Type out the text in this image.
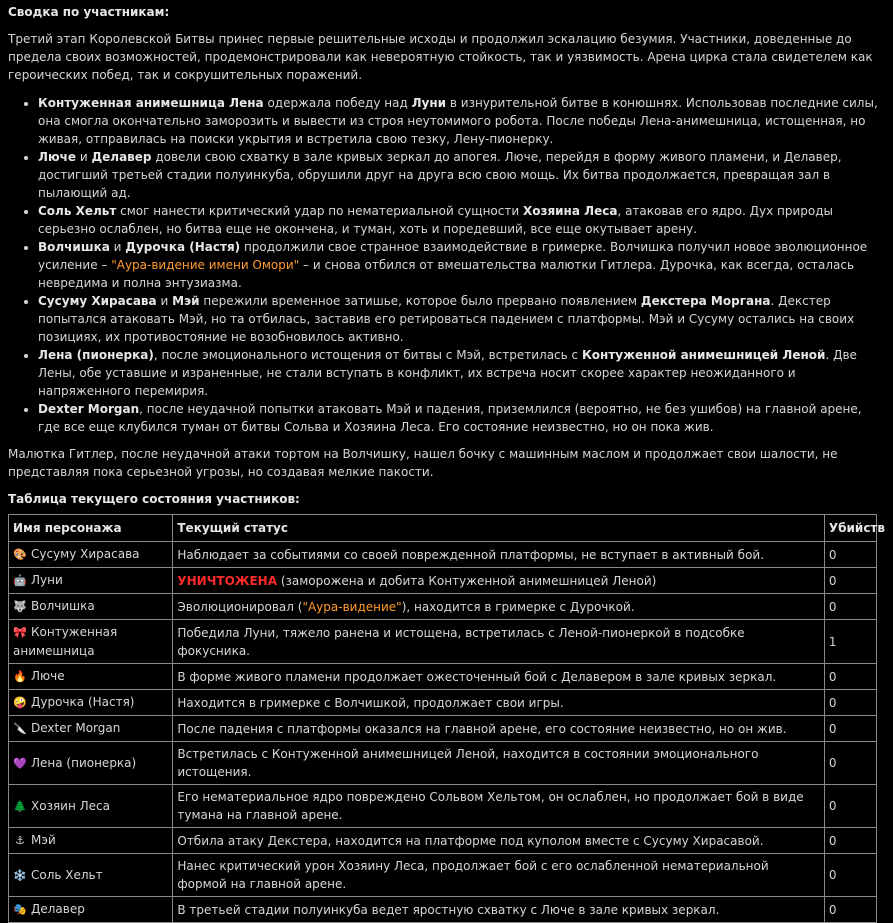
Сводка по участникам:

Третий этап Королевской Битвы принес первые решительные исходы и продолжил эскалацию безумия. Участники, доведенные до предела своих возможностей, продемонстрировали как невероятную стойкость, так и уязвимость. Арена цирка стала свидетелем как героических побед, так и сокрушительных поражений.

• Контуженная анимешница Лена одержала победу над Луни в изнурительной битве в конюшнях. Использовав последние силы, она смогла окончательно заморозить и вывести из строя неутомимого робота. После победы Лена-анимешница, истощенная, но живая, отправилась на поиски укрытия и встретила свою тезку, Лену-пионерку.
• Люче и Делавер довели свою схватку в зале кривых зеркал до апогея. Люче, перейдя в форму живого пламени, и Делавер, достигший третьей стадии полуинкуба, обрушили друг на друга всю свою мощь. Их битва продолжается, превращая зал в пылающий ад.
• Соль Хельт смог нанести критический удар по нематериальной сущности Хозяина Леса, атаковав его ядро. Дух природы серьезно ослаблен, но битва еще не окончена, и туман, хоть и поредевший, все еще окутывает арену.
• Волчишка и Дурочка (Настя) продолжили свое странное взаимодействие в гримерке. Волчишка получил новое эволюционное усиление – "Аура-видение имени Омори" – и снова отбился от вмешательства малютки Гитлера. Дурочка, как всегда, осталась невредима и полна энтузиазма.
• Сусуму Хирасава и Мэй пережили временное затишье, которое было прервано появлением Декстера Моргана. Декстер попытался атаковать Мэй, но та отбилась, заставив его ретироваться падением с платформы. Мэй и Сусуму остались на своих позициях, их противостояние не возобновилось активно.
• Лена (пионерка), после эмоционального истощения от битвы с Мэй, встретилась с Контуженной анимешницей Леной. Две Лены, обе уставшие и израненные, не стали вступать в конфликт, их встреча носит скорее характер неожиданного и напряженного перемирия.
• Dexter Morgan, после неудачной попытки атаковать Мэй и падения, приземлился (вероятно, не без ушибов) на главной арене, где все еще клубился туман от битвы Сольва и Хозяина Леса. Его состояние неизвестно, но он пока жив.

Малютка Гитлер, после неудачной атаки тортом на Волчишку, нашел бочку с машинным маслом и продолжает свои шалости, не представляя пока серьезной угрозы, но создавая мелкие пакости.

Таблица текущего состояния участников:
Имя персонажа	Текущий статус	Убийств
🎨 Сусуму Хирасава	Наблюдает за событиями со своей поврежденной платформы, не вступает в активный бой.	0
🤖 Луни	УНИЧТОЖЕНА (заморожена и добита Контуженной анимешницей Леной)	0
🐺 Волчишка	Эволюционировал ("Аура-видение"), находится в гримерке с Дурочкой.	0
🎀 Контуженная анимешница	Победила Луни, тяжело ранена и истощена, встретилась с Леной-пионеркой в подсобке фокусника.	1
🔥 Люче	В форме живого пламени продолжает ожесточенный бой с Делавером в зале кривых зеркал.	0
🤪 Дурочка (Настя)	Находится в гримерке с Волчишкой, продолжает свои игры.	0
🔪 Dexter Morgan	После падения с платформы оказался на главной арене, его состояние неизвестно, но он жив.	0
💜 Лена (пионерка)	Встретилась с Контуженной анимешницей Леной, находится в состоянии эмоционального истощения.	0
🌲 Хозяин Леса	Его нематериальное ядро повреждено Сольвом Хельтом, он ослаблен, но продолжает бой в виде тумана на главной арене.	0
⚓ Мэй	Отбила атаку Декстера, находится на платформе под куполом вместе с Сусуму Хирасавой.	0
❄️ Соль Хельт	Нанес критический урон Хозяину Леса, продолжает бой с его ослабленной нематериальной формой на главной арене.	0
🎭 Делавер	В третьей стадии полуинкуба ведет яростную схватку с Люче в зале кривых зеркал.	0
